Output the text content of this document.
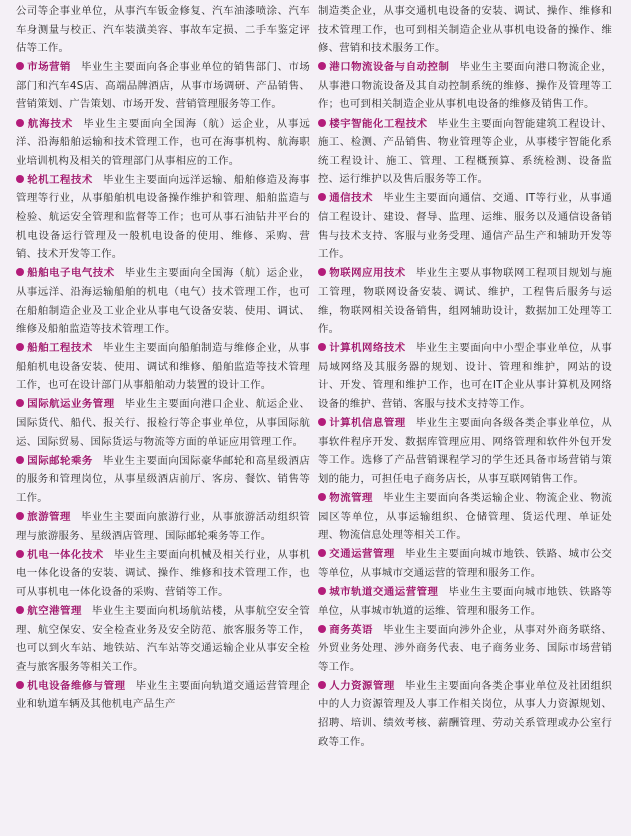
公司等企事业单位，从事汽车钣金修复、汽车油漆喷涂、汽车车身测量与校正、汽车装潢美容、事故车定损、二手车鉴定评估等工作。

市场营销 毕业生主要面向各企事业单位的销售部门、市场部门和汽车4S店、高端品牌酒店，从事市场调研、产品销售、营销策划、广告策划、市场开发、营销管理服务等工作。

航海技术 毕业生主要面向全国海（航）运企业，从事远洋、沿海船舶运输和技术管理工作，也可在海事机构、航海职业培训机构及相关的管理部门从事相应的工作。

轮机工程技术 毕业生主要面向远洋运输、船舶修造及海事管理等行业，从事船舶机电设备操作维护和管理、船舶监造与检验、航运安全管理和监督等工作；也可从事石油钻井平台的机电设备运行管理及一般机电设备的使用、维修、采购、营销、技术开发等工作。

船舶电子电气技术 毕业生主要面向全国海（航）运企业，从事远洋、沿海运输船舶的机电（电气）技术管理工作，也可在船舶制造企业及工业企业从事电气设备安装、使用、调试、维修及船舶监造等技术管理工作。

船舶工程技术 毕业生主要面向船舶制造与维修企业，从事船舶机电设备安装、使用、调试和维修、船舶监造等技术管理工作，也可在设计部门从事船舶动力装置的设计工作。

国际航运业务管理 毕业生主要面向港口企业、航运企业、国际货代、船代、报关行、报检行等企事业单位，从事国际航运、国际贸易、国际货运与物流等方面的单证应用管理工作。

国际邮轮乘务 毕业生主要面向国际豪华邮轮和高星级酒店的服务和管理岗位，从事星级酒店前厅、客房、餐饮、销售等工作。

旅游管理 毕业生主要面向旅游行业，从事旅游活动组织管理与旅游服务、星级酒店管理、国际邮轮乘务等工作。

机电一体化技术 毕业生主要面向机械及相关行业，从事机电一体化设备的安装、调试、操作、维修和技术管理工作，也可从事机电一体化设备的采购、营销等工作。

航空港管理 毕业生主要面向机场航站楼，从事航空安全管理、航空保安、安全检查业务及安全防范、旅客服务等工作，也可以到火车站、地铁站、汽车站等交通运输企业从事安全检查与旅客服务等相关工作。

机电设备维修与管理 毕业生主要面向轨道交通运营管理企业和轨道车辆及其他机电产品生产

制造类企业，从事交通机电设备的安装、调试、操作、维修和技术管理工作，也可到相关制造企业从事机电设备的操作、维修、营销和技术服务工作。

港口物流设备与自动控制 毕业生主要面向港口物流企业，从事港口物流设备及其自动控制系统的维修、操作及管理等工作；也可到相关制造企业从事机电设备的维修及销售工作。

楼宇智能化工程技术 毕业生主要面向智能建筑工程设计、施工、检测、产品销售、物业管理等企业，从事楼宇智能化系统工程设计、施工、管理、工程概预算、系统检测、设备监控、运行维护以及售后服务等工作。

通信技术 毕业生主要面向通信、交通、IT等行业，从事通信工程设计、建设、督导、监理、运维、服务以及通信设备销售与技术支持、客服与业务受理、通信产品生产和辅助开发等工作。

物联网应用技术 毕业生主要从事物联网工程项目规划与施工管理，物联网设备安装、调试、维护，工程售后服务与运维，物联网相关设备销售，组网辅助设计，数据加工处理等工作。

计算机网络技术 毕业生主要面向中小型企事业单位，从事局域网络及其服务器的规划、设计、管理和维护，网站的设计、开发、管理和维护工作，也可在IT企业从事计算机及网络设备的维护、营销、客服与技术支持等工作。

计算机信息管理 毕业生主要面向各级各类企事业单位，从事软件程序开发、数据库管理应用、网络管理和软件外包开发等工作。选修了产品营销课程学习的学生还具备市场营销与策划的能力，可担任电子商务店长，从事互联网销售工作。

物流管理 毕业生主要面向各类运输企业、物流企业、物流园区等单位，从事运输组织、仓储管理、货运代理、单证处理、物流信息处理等相关工作。

交通运营管理 毕业生主要面向城市地铁、铁路、城市公交等单位，从事城市交通运营的管理和服务工作。

城市轨道交通运营管理 毕业生主要面向城市地铁、铁路等单位，从事城市轨道的运维、管理和服务工作。

商务英语 毕业生主要面向涉外企业，从事对外商务联络、外贸业务处理、涉外商务代表、电子商务业务、国际市场营销等工作。

人力资源管理 毕业生主要面向各类企事业单位及社团组织中的人力资源管理及人事工作相关岗位，从事人力资源规划、招聘、培训、绩效考核、薪酬管理、劳动关系管理或办公室行政等工作。
